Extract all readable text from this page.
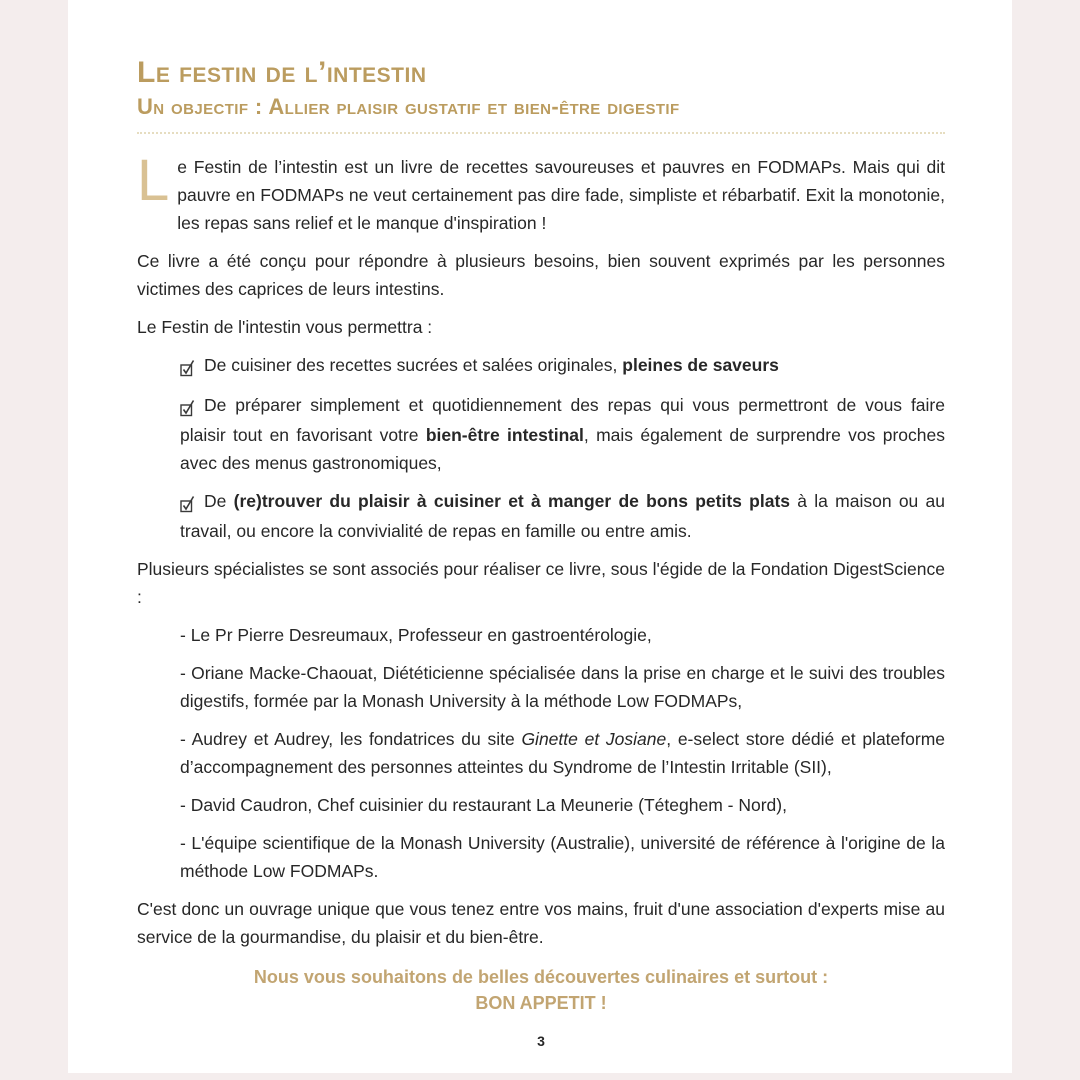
Le festin de l’intestin
Un objectif : Allier plaisir gustatif et bien-être digestif

Le Festin de l’intestin est un livre de recettes savoureuses et pauvres en FODMAPs. Mais qui dit pauvre en FODMAPs ne veut certainement pas dire fade, simpliste et rébarbatif. Exit la monotonie, les repas sans relief et le manque d'inspiration !

Ce livre a été conçu pour répondre à plusieurs besoins, bien souvent exprimés par les personnes victimes des caprices de leurs intestins.

Le Festin de l'intestin vous permettra :

De cuisiner des recettes sucrées et salées originales, pleines de saveurs

De préparer simplement et quotidiennement des repas qui vous permettront de vous faire plaisir tout en favorisant votre bien-être intestinal, mais également de surprendre vos proches avec des menus gastronomiques,

De (re)trouver du plaisir à cuisiner et à manger de bons petits plats à la maison ou au travail, ou encore la convivialité de repas en famille ou entre amis.

Plusieurs spécialistes se sont associés pour réaliser ce livre, sous l'égide de la Fondation DigestScience :

- Le Pr Pierre Desreumaux, Professeur en gastroentérologie,

- Oriane Macke-Chaouat, Diététicienne spécialisée dans la prise en charge et le suivi des troubles digestifs, formée par la Monash University à la méthode Low FODMAPs,

- Audrey et Audrey, les fondatrices du site Ginette et Josiane, e-select store dédié et plateforme d’accompagnement des personnes atteintes du Syndrome de l’Intestin Irritable (SII),

- David Caudron, Chef cuisinier du restaurant La Meunerie (Téteghem - Nord),

- L'équipe scientifique de la Monash University (Australie), université de référence à l'origine de la méthode Low FODMAPs.

C'est donc un ouvrage unique que vous tenez entre vos mains, fruit d'une association d'experts mise au service de la gourmandise, du plaisir et du bien-être.

Nous vous souhaitons de belles découvertes culinaires et surtout :
BON APPETIT !
3
